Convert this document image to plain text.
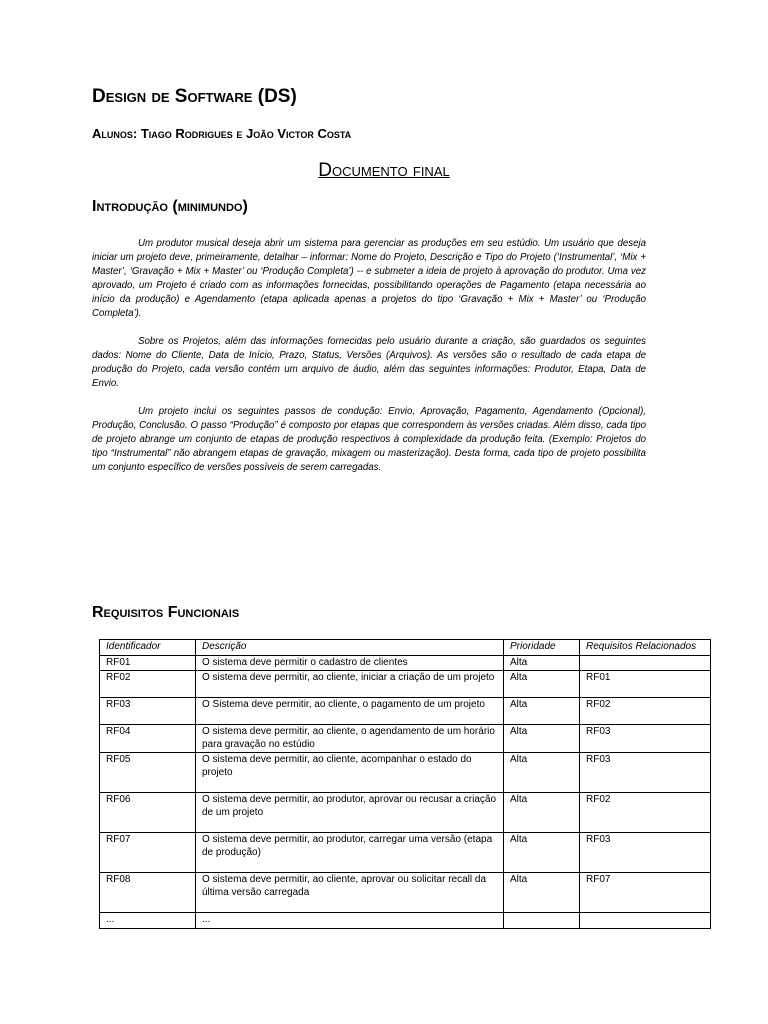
Design de Software (DS)
Alunos: Tiago Rodrigues e João Victor Costa
Documento final
Introdução (minimundo)

Um produtor musical deseja abrir um sistema para gerenciar as produções em seu estúdio. Um usuário que deseja iniciar um projeto deve, primeiramente, detalhar – informar: Nome do Projeto, Descrição e Tipo do Projeto (‘Instrumental’, ‘Mix + Master’, ‘Gravação + Mix + Master’ ou ‘Produção Completa’) -- e submeter a ideia de projeto à aprovação do produtor. Uma vez aprovado, um Projeto é criado com as informações fornecidas, possibilitando operações de Pagamento (etapa necessária ao início da produção) e Agendamento (etapa aplicada apenas a projetos do tipo ‘Gravação + Mix + Master’ ou ‘Produção Completa’).

Sobre os Projetos, além das informações fornecidas pelo usuário durante a criação, são guardados os seguintes dados: Nome do Cliente, Data de Início, Prazo, Status, Versões (Arquivos). As versões são o resultado de cada etapa de produção do Projeto, cada versão contém um arquivo de áudio, além das seguintes informações: Produtor, Etapa, Data de Envio.

Um projeto inclui os seguintes passos de condução: Envio, Aprovação, Pagamento, Agendamento (Opcional), Produção, Conclusão. O passo “Produção” é composto por etapas que correspondem às versões criadas. Além disso, cada tipo de projeto abrange um conjunto de etapas de produção respectivos à complexidade da produção feita. (Exemplo: Projetos do tipo “Instrumental” não abrangem etapas de gravação, mixagem ou masterização). Desta forma, cada tipo de projeto possibilita um conjunto específico de versões possíveis de serem carregadas.

Requisitos Funcionais
Identificador	Descrição	Prioridade	Requisitos Relacionados
RF01	O sistema deve permitir o cadastro de clientes	Alta	
RF02	O sistema deve permitir, ao cliente, iniciar a criação de um projeto	Alta	RF01
RF03	O Sistema deve permitir, ao cliente, o pagamento de um projeto	Alta	RF02
RF04	O sistema deve permitir, ao cliente, o agendamento de um horário para gravação no estúdio	Alta	RF03
RF05	O sistema deve permitir, ao cliente, acompanhar o estado do projeto	Alta	RF03
RF06	O sistema deve permitir, ao produtor, aprovar ou recusar a criação de um projeto	Alta	RF02
RF07	O sistema deve permitir, ao produtor, carregar uma versão (etapa de produção)	Alta	RF03
RF08	O sistema deve permitir, ao cliente, aprovar ou solicitar recall da última versão carregada	Alta	RF07
...	...		
